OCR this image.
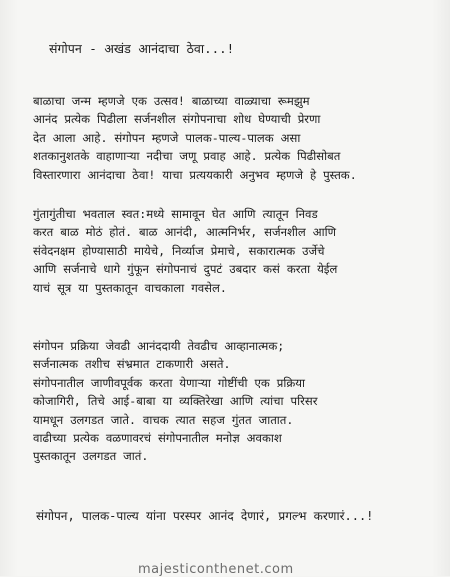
संगोपन - अखंड आनंदाचा ठेवा...!
बाळाचा जन्म म्हणजे एक उत्सव! बाळाच्या वाळ्याचा रूमझुम
आनंद प्रत्येक पिढीला सर्जनशील संगोपनाचा शोध घेण्याची प्रेरणा
देत आला आहे. संगोपन म्हणजे पालक-पाल्य-पालक असा
शतकानुशतके वाहाणाऱ्या नदीचा जणू प्रवाह आहे. प्रत्येक पिढीसोबत
विस्तारणारा आनंदाचा ठेवा! याचा प्रत्ययकारी अनुभव म्हणजे हे पुस्तक.
गुंतागुंतीचा भवताल स्वत:मध्ये सामावून घेत आणि त्यातून निवड
करत बाळ मोठं होतं. बाळ आनंदी, आत्मनिर्भर, सर्जनशील आणि
संवेदनक्षम होण्यासाठी मायेचे, निर्व्याज प्रेमाचे, सकारात्मक उर्जेचे
आणि सर्जनाचे धागे गुंफून संगोपनाचं दुपटं उबदार कसं करता येईल
याचं सूत्र या पुस्तकातून वाचकाला गवसेल.
संगोपन प्रक्रिया जेवढी आनंददायी तेवढीच आव्हानात्मक;
सर्जनात्मक तशीच संभ्रमात टाकणारी असते.
संगोपनातील जाणीवपूर्वक करता येणाऱ्या गोष्टींची एक प्रक्रिया
कोजागिरी, तिचे आई-बाबा या व्यक्तिरेखा आणि त्यांचा परिसर
यामधून उलगडत जाते. वाचक त्यात सहज गुंतत जातात.
वाढीच्या प्रत्येक वळणावरचं संगोपनातील मनोज्ञ अवकाश
पुस्तकातून उलगडत जातं.
संगोपन, पालक-पाल्य यांना परस्पर आनंद देणारं, प्रगल्भ करणारं...!
majesticonthenet.com
